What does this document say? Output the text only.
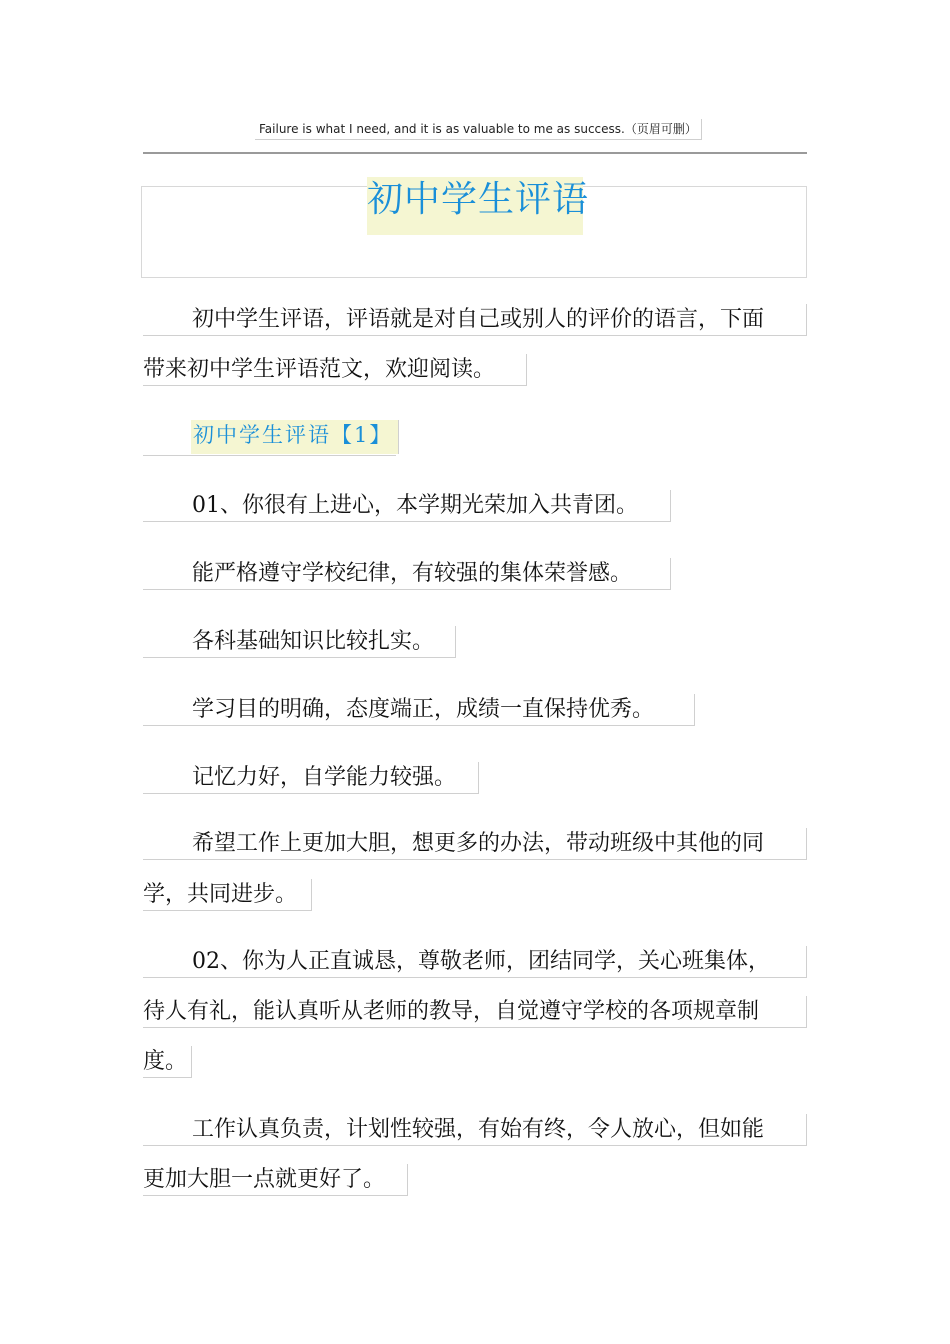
Failure is what I need, and it is as valuable to me as success.（页眉可删）
初中学生评语
初中学生评语，评语就是对自己或别人的评价的语言，下面
带来初中学生评语范文，欢迎阅读。
初中学生评语【1】
01、你很有上进心，本学期光荣加入共青团。
能严格遵守学校纪律，有较强的集体荣誉感。
各科基础知识比较扎实。
学习目的明确，态度端正，成绩一直保持优秀。
记忆力好，自学能力较强。
希望工作上更加大胆，想更多的办法，带动班级中其他的同
学，共同进步。
02、你为人正直诚恳，尊敬老师，团结同学，关心班集体，
待人有礼，能认真听从老师的教导，自觉遵守学校的各项规章制
度。
工作认真负责，计划性较强，有始有终，令人放心，但如能
更加大胆一点就更好了。
